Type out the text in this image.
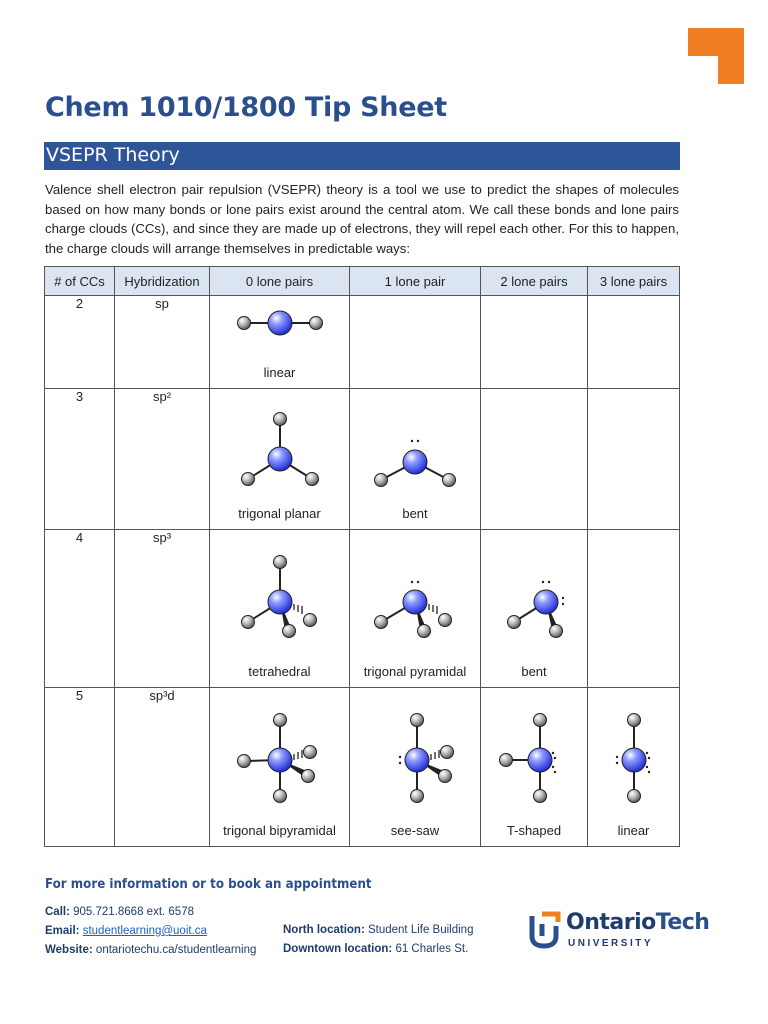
Chem 1010/1800 Tip Sheet
VSEPR Theory

Valence shell electron pair repulsion (VSEPR) theory is a tool we use to predict the shapes of molecules based on how many bonds or lone pairs exist around the central atom. We call these bonds and lone pairs charge clouds (CCs), and since they are made up of electrons, they will repel each other. For this to happen, the charge clouds will arrange themselves in predictable ways:

# of CCs	Hybridization	0 lone pairs	1 lone pair	2 lone pairs	3 lone pairs
2	sp	linear			

3	sp²	trigonal planar	bent		

4	sp³	tetrahedral	trigonal pyramidal	bent	

5	sp³d	trigonal bipyramidal	see-saw	T-shaped	linear
For more information or to book an appointment
Call: 905.721.8668 ext. 6578
Email: studentlearning@uoit.ca
Website: ontariotechu.ca/studentlearning
North location: Student Life Building
Downtown location: 61 Charles St.
OntarioTech
UNIVERSITY
